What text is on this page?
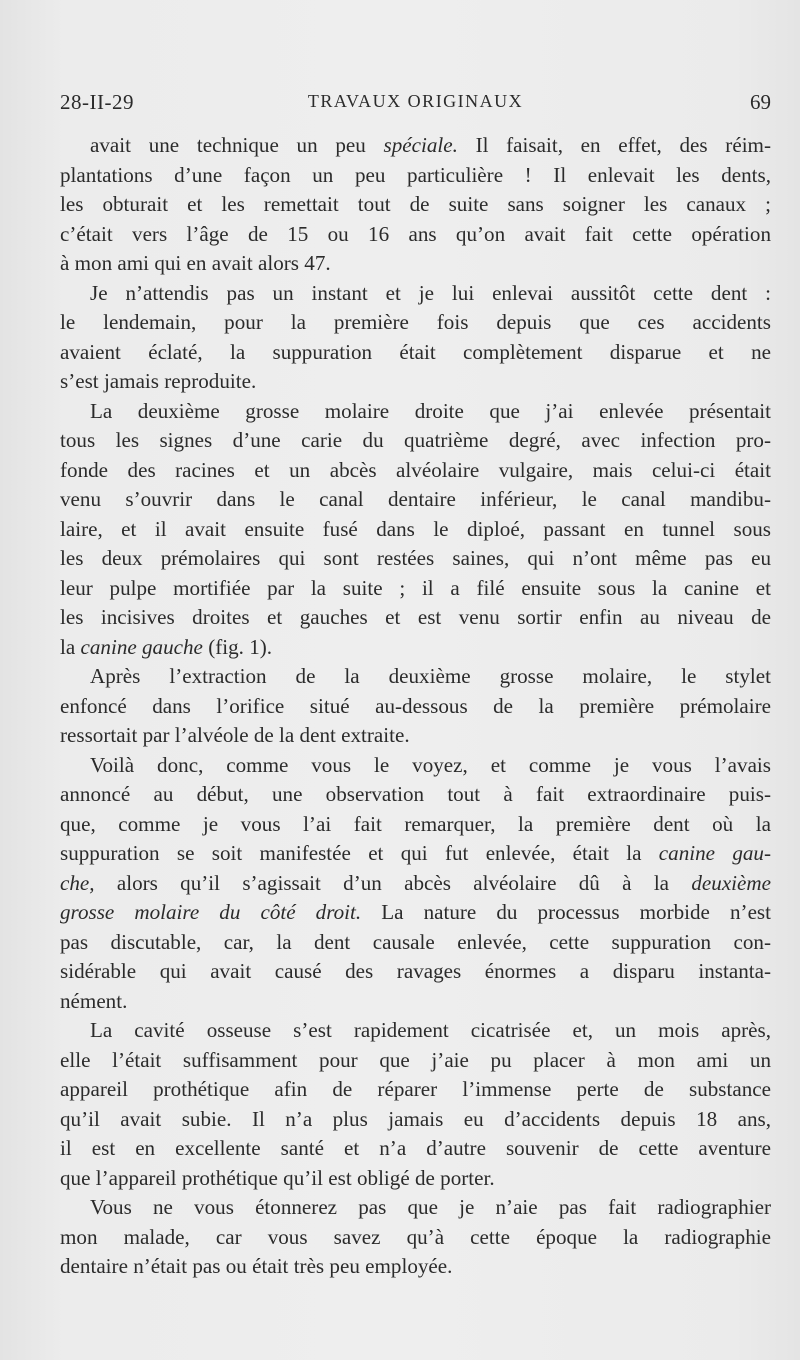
28-II-29	TRAVAUX ORIGINAUX	69
avait une technique un peu spéciale. Il faisait, en effet, des réim-
plantations d’une façon un peu particulière ! Il enlevait les dents,
les obturait et les remettait tout de suite sans soigner les canaux ;
c’était vers l’âge de 15 ou 16 ans qu’on avait fait cette opération
à mon ami qui en avait alors 47.
Je n’attendis pas un instant et je lui enlevai aussitôt cette dent :
le lendemain, pour la première fois depuis que ces accidents
avaient éclaté, la suppuration était complètement disparue et ne
s’est jamais reproduite.
La deuxième grosse molaire droite que j’ai enlevée présentait
tous les signes d’une carie du quatrième degré, avec infection pro-
fonde des racines et un abcès alvéolaire vulgaire, mais celui-ci était
venu s’ouvrir dans le canal dentaire inférieur, le canal mandibu-
laire, et il avait ensuite fusé dans le diploé, passant en tunnel sous
les deux prémolaires qui sont restées saines, qui n’ont même pas eu
leur pulpe mortifiée par la suite ; il a filé ensuite sous la canine et
les incisives droites et gauches et est venu sortir enfin au niveau de
la canine gauche (fig. 1).
Après l’extraction de la deuxième grosse molaire, le stylet
enfoncé dans l’orifice situé au-dessous de la première prémolaire
ressortait par l’alvéole de la dent extraite.
Voilà donc, comme vous le voyez, et comme je vous l’avais
annoncé au début, une observation tout à fait extraordinaire puis-
que, comme je vous l’ai fait remarquer, la première dent où la
suppuration se soit manifestée et qui fut enlevée, était la canine gau-
che, alors qu’il s’agissait d’un abcès alvéolaire dû à la deuxième
grosse molaire du côté droit. La nature du processus morbide n’est
pas discutable, car, la dent causale enlevée, cette suppuration con-
sidérable qui avait causé des ravages énormes a disparu instanta-
nément.
La cavité osseuse s’est rapidement cicatrisée et, un mois après,
elle l’était suffisamment pour que j’aie pu placer à mon ami un
appareil prothétique afin de réparer l’immense perte de substance
qu’il avait subie. Il n’a plus jamais eu d’accidents depuis 18 ans,
il est en excellente santé et n’a d’autre souvenir de cette aventure
que l’appareil prothétique qu’il est obligé de porter.
Vous ne vous étonnerez pas que je n’aie pas fait radiographier
mon malade, car vous savez qu’à cette époque la radiographie
dentaire n’était pas ou était très peu employée.
